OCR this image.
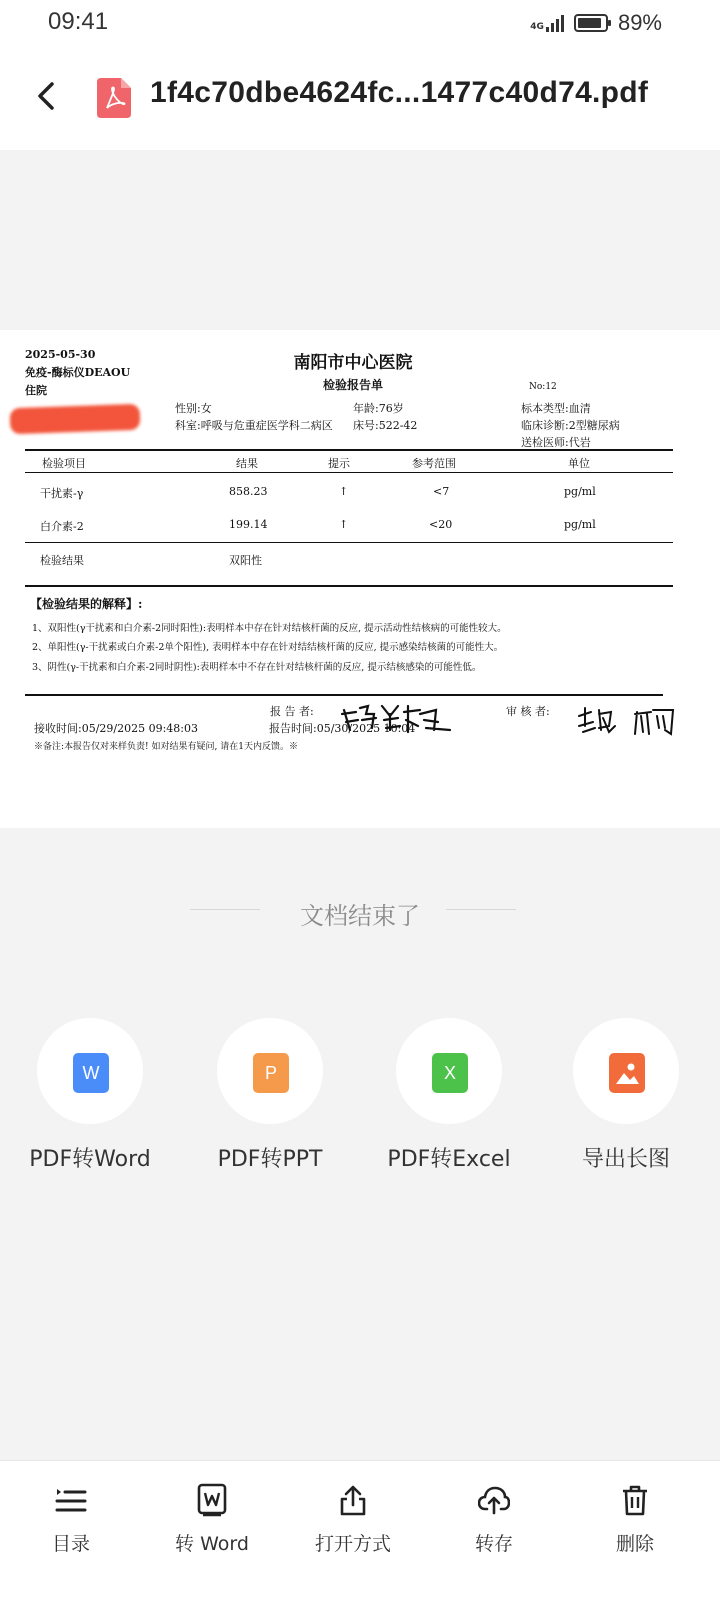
09:41	4G	89%
1f4c70dbe4624fc...1477c40d74.pdf
2025-05-30
免疫-酶标仪DEAOU
住院
南阳市中心医院
检验报告单	No:12
性别:女	年龄:76岁	标本类型:血清
科室:呼吸与危重症医学科二病区 床号:522-42	临床诊断:2型糖尿病
送检医师:代岩
检验项目	结果	提示	参考范围	单位
干扰素-γ	858.23	↑	<7	pg/ml
白介素-2	199.14	↑	<20	pg/ml
检验结果	双阳性
【检验结果的解释】:
1、双阳性(γ干扰素和白介素-2同时阳性):表明样本中存在针对结核杆菌的反应, 提示活动性结核病的可能性较大。
2、单阳性(γ-干扰素或白介素-2单个阳性), 表明样本中存在针对结结核杆菌的反应, 提示感染结核菌的可能性大。
3、阴性(γ-干扰素和白介素-2同时阴性):表明样本中不存在针对结核杆菌的反应, 提示结核感染的可能性低。
报 告 者:	审 核 者:
接收时间:05/29/2025 09:48:03	报告时间:05/30/2025 10:04
※备注:本报告仅对来样负责! 如对结果有疑问, 请在1天内反馈。※
文档结束了
W
PDF转Word
P
PDF转PPT
X
PDF转Excel	导出长图
目录	转 Word	打开方式	转存	删除
